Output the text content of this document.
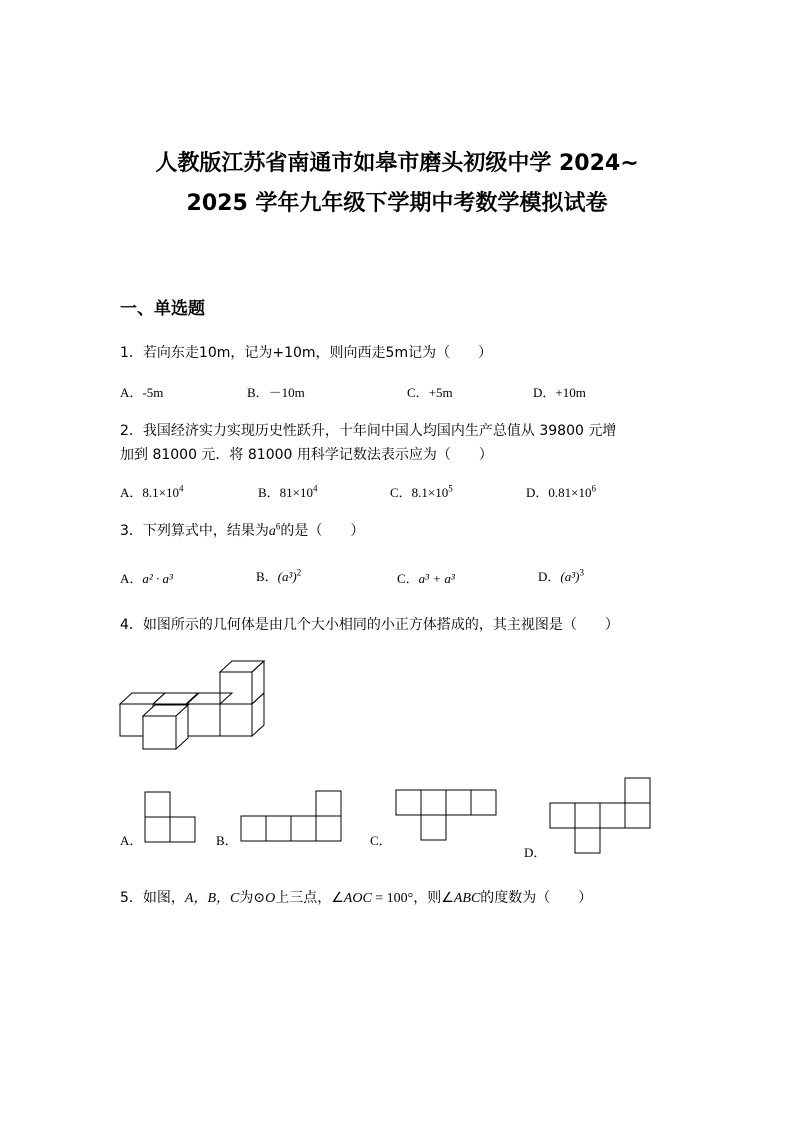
人教版江苏省南通市如皋市磨头初级中学 2024~
2025 学年九年级下学期中考数学模拟试卷
一、单选题
1．若向东走10m，记为+10m，则向西走5m记为（　　）
A．-5m	B．－10m	C．+5m	D．+10m
2．我国经济实力实现历史性跃升，十年间中国人均国内生产总值从 39800 元增
加到 81000 元．将 81000 用科学记数法表示应为（　　）
A．$8.1\times 10^4$	B．$81\times 10^4$	C．$8.1\times 10^5$	D．$0.81\times 10^6$
3．下列算式中，结果为$a^6$的是（　　）
A．a² · a³	B．$(a^3)^2$	C．a³ + a³	D．$(a^3)^3$
4．如图所示的几何体是由几个大小相同的小正方体搭成的，其主视图是（　　）
A．	B．	C．
D．
5．如图，A，B，C为⊙O上三点，∠AOC = 100°，则∠ABC的度数为（　　）
